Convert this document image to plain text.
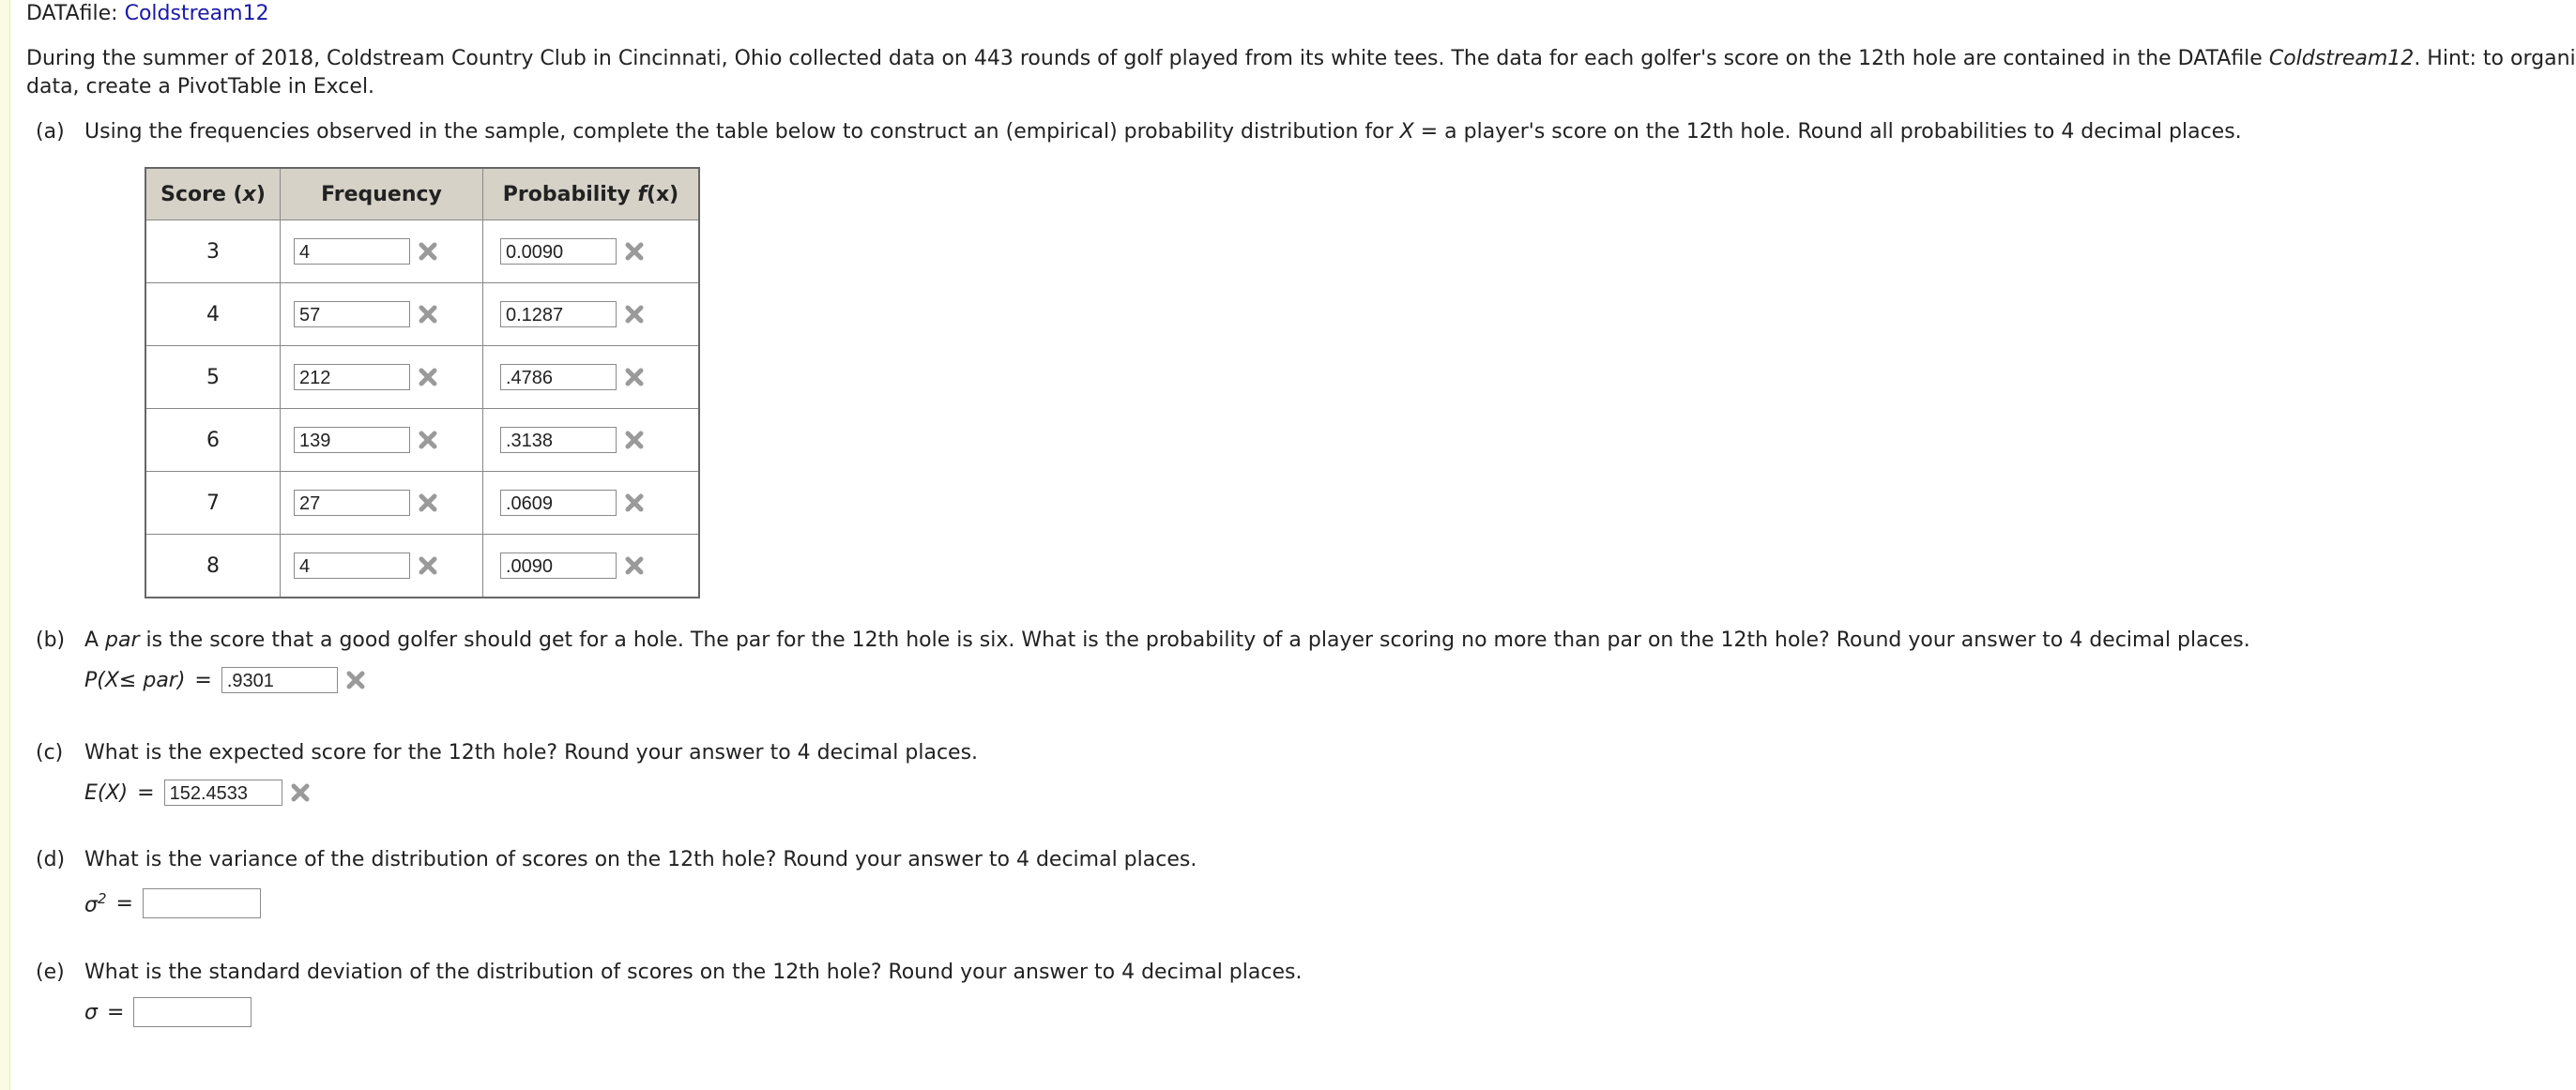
DATAfile: Coldstream12
During the summer of 2018, Coldstream Country Club in Cincinnati, Ohio collected data on 443 rounds of golf played from its white tees. The data for each golfer's score on the 12th hole are contained in the DATAfile Coldstream12. Hint: to organi
data, create a PivotTable in Excel.
(a) Using the frequencies observed in the sample, complete the table below to construct an (empirical) probability distribution for X = a player's score on the 12th hole. Round all probabilities to 4 decimal places.
Score (x)	Frequency	Probability f(x)
3	4	0.0090
4	57	0.1287
5	212	.4786
6	139	.3138
7	27	.0609
8	4	.0090
(b) A par is the score that a good golfer should get for a hole. The par for the 12th hole is six. What is the probability of a player scoring no more than par on the 12th hole? Round your answer to 4 decimal places.
P(X≤ par) = .9301
(c) What is the expected score for the 12th hole? Round your answer to 4 decimal places.
E(X) = 152.4533
(d) What is the variance of the distribution of scores on the 12th hole? Round your answer to 4 decimal places.
$\sigma^2$ =
(e) What is the standard deviation of the distribution of scores on the 12th hole? Round your answer to 4 decimal places.
σ =
